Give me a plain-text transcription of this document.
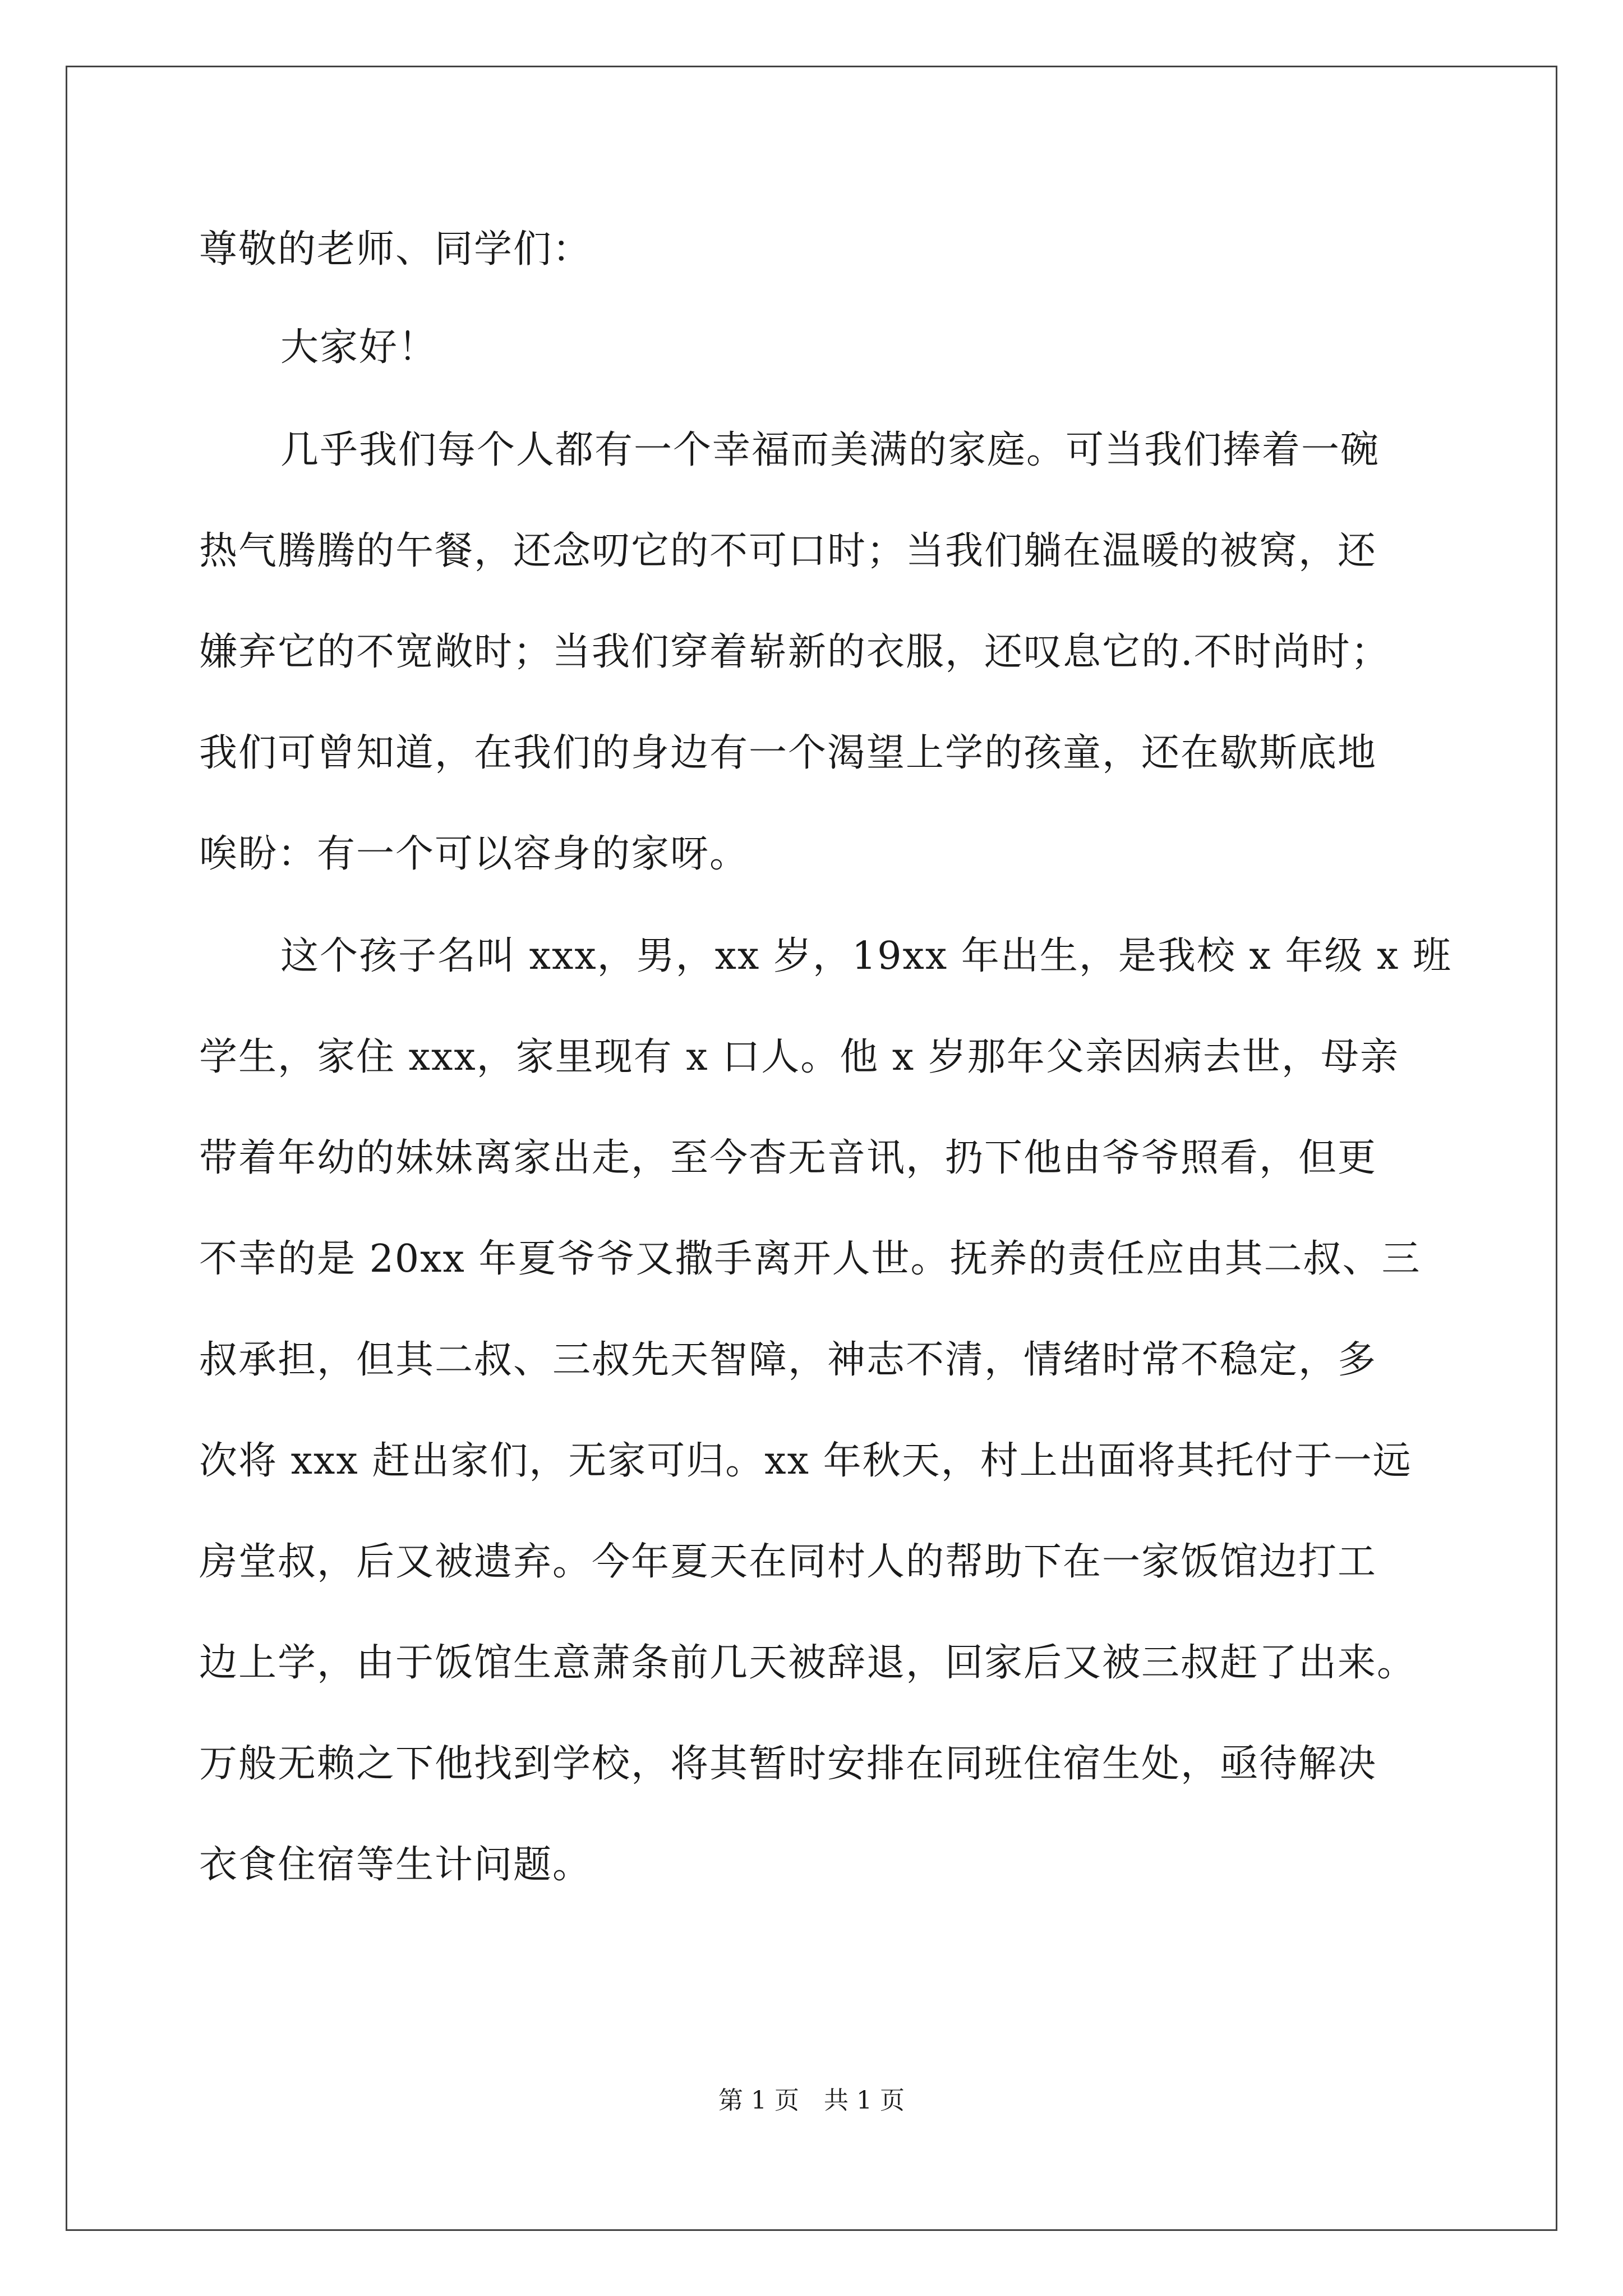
尊敬的老师、同学们：
大家好！
几乎我们每个人都有一个幸福而美满的家庭。可当我们捧着一碗
热气腾腾的午餐，还念叨它的不可口时；当我们躺在温暖的被窝，还
嫌弃它的不宽敞时；当我们穿着崭新的衣服，还叹息它的.不时尚时；
我们可曾知道，在我们的身边有一个渴望上学的孩童，还在歇斯底地
唉盼：有一个可以容身的家呀。
这个孩子名叫 xxx，男，xx 岁，19xx 年出生，是我校 x 年级 x 班
学生，家住 xxx，家里现有 x 口人。他 x 岁那年父亲因病去世，母亲
带着年幼的妹妹离家出走，至今杳无音讯，扔下他由爷爷照看，但更
不幸的是 20xx 年夏爷爷又撒手离开人世。抚养的责任应由其二叔、三
叔承担，但其二叔、三叔先天智障，神志不清，情绪时常不稳定，多
次将 xxx 赶出家们，无家可归。xx 年秋天，村上出面将其托付于一远
房堂叔，后又被遗弃。今年夏天在同村人的帮助下在一家饭馆边打工
边上学，由于饭馆生意萧条前几天被辞退，回家后又被三叔赶了出来。
万般无赖之下他找到学校，将其暂时安排在同班住宿生处，亟待解决
衣食住宿等生计问题。
第 1 页　共 1 页
